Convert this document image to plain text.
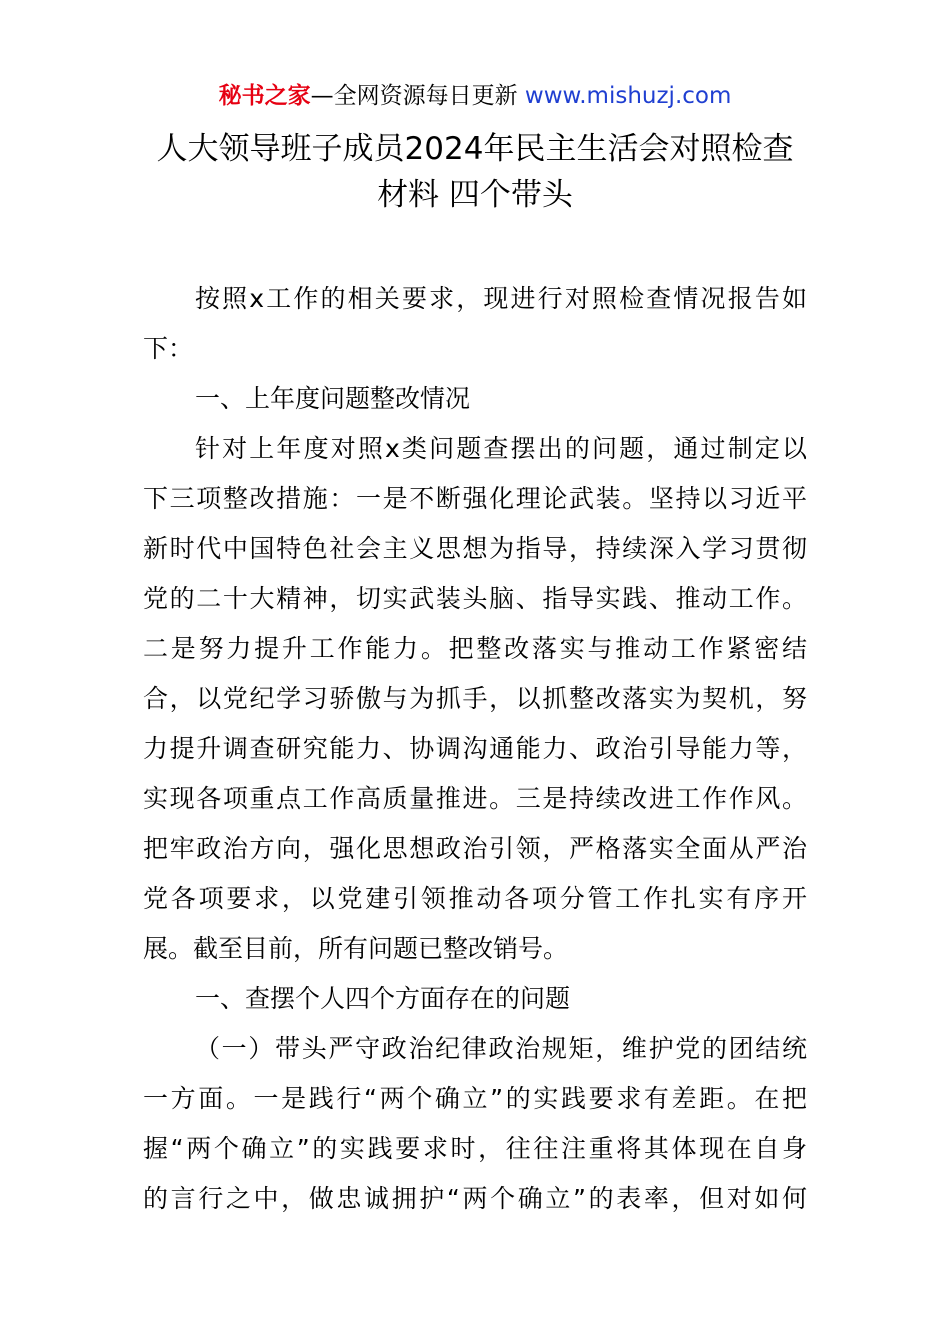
秘书之家—全网资源每日更新 www.mishuzj.com
人大领导班子成员2024年民主生活会对照检查
材料 四个带头
按照x工作的相关要求，现进行对照检查情况报告如
下：
一、上年度问题整改情况
针对上年度对照x类问题查摆出的问题，通过制定以
下三项整改措施：一是不断强化理论武装。坚持以习近平
新时代中国特色社会主义思想为指导，持续深入学习贯彻
党的二十大精神，切实武装头脑、指导实践、推动工作。
二是努力提升工作能力。把整改落实与推动工作紧密结
合，以党纪学习骄傲与为抓手，以抓整改落实为契机，努
力提升调查研究能力、协调沟通能力、政治引导能力等，
实现各项重点工作高质量推进。三是持续改进工作作风。
把牢政治方向，强化思想政治引领，严格落实全面从严治
党各项要求，以党建引领推动各项分管工作扎实有序开
展。截至目前，所有问题已整改销号。
一、查摆个人四个方面存在的问题
（一）带头严守政治纪律政治规矩，维护党的团结统
一方面。一是践行“两个确立”的实践要求有差距。在把
握“两个确立”的实践要求时，往往注重将其体现在自身
的言行之中，做忠诚拥护“两个确立”的表率，但对如何
